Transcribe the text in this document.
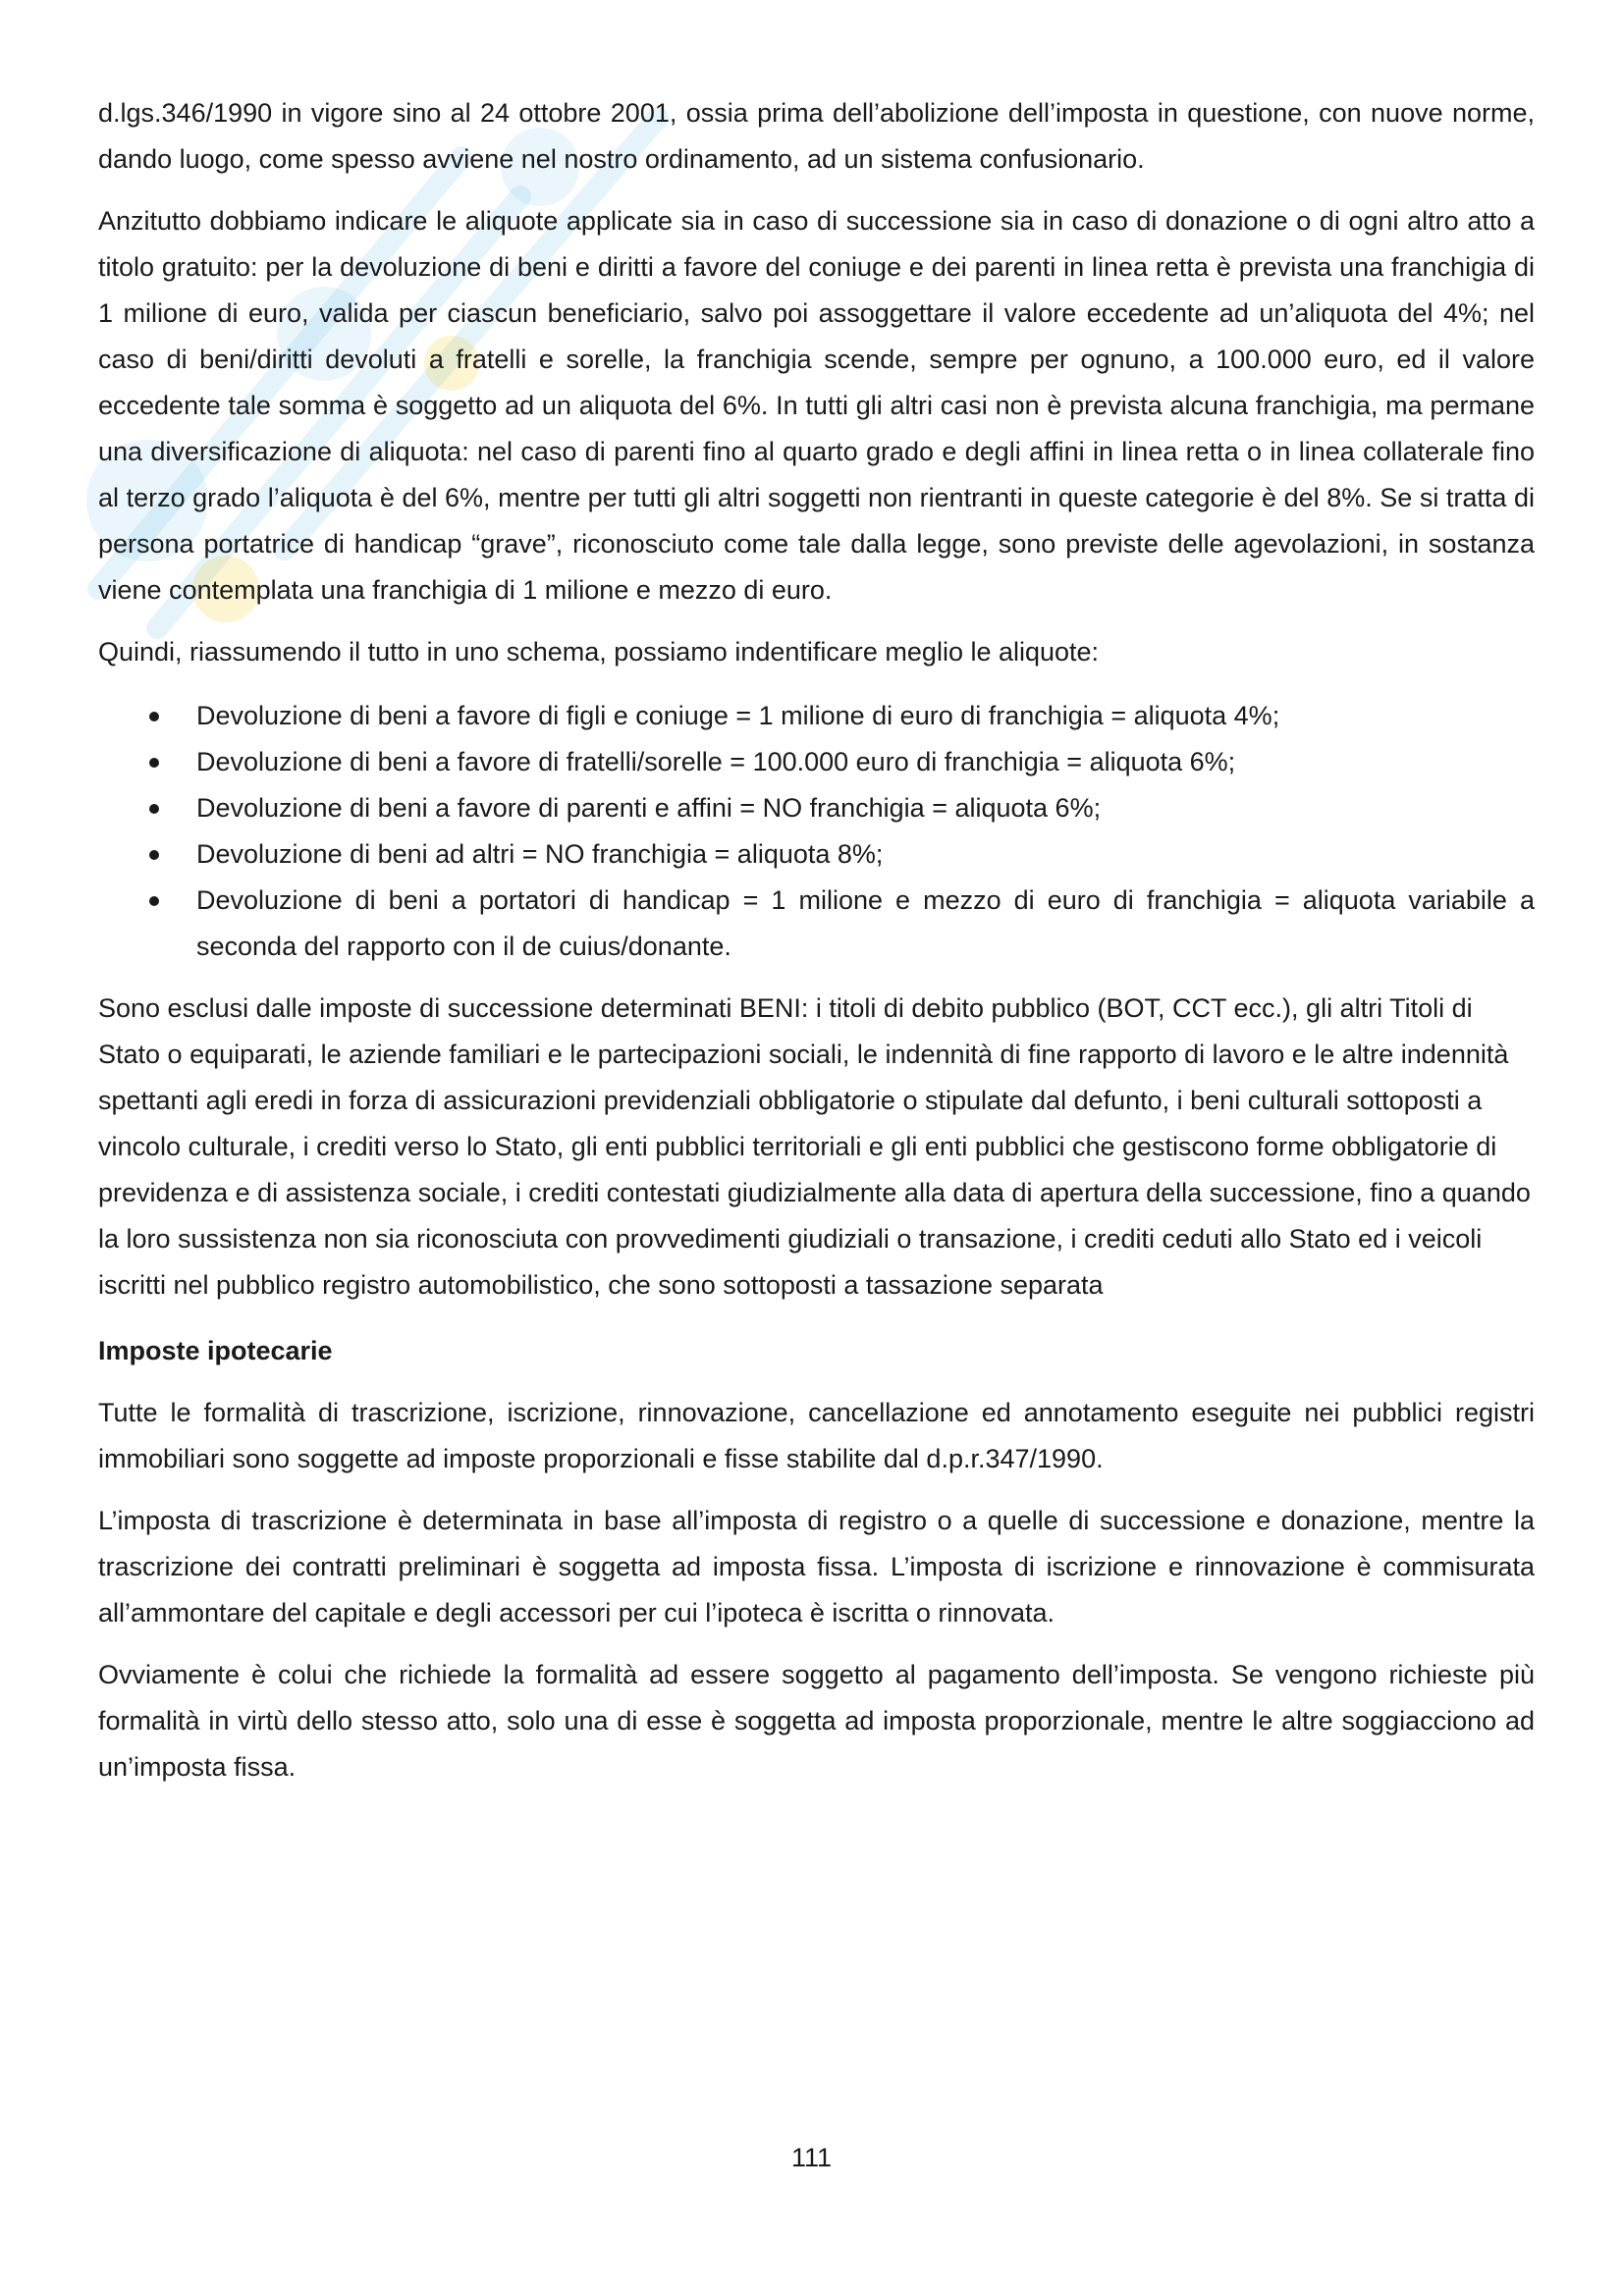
d.lgs.346/1990 in vigore sino al 24 ottobre 2001, ossia prima dell’abolizione dell’imposta in questione, con nuove norme, dando luogo, come spesso avviene nel nostro ordinamento, ad un sistema confusionario.

Anzitutto dobbiamo indicare le aliquote applicate sia in caso di successione sia in caso di donazione o di ogni altro atto a titolo gratuito: per la devoluzione di beni e diritti a favore del coniuge e dei parenti in linea retta è prevista una franchigia di 1 milione di euro, valida per ciascun beneficiario, salvo poi assoggettare il valore eccedente ad un’aliquota del 4%; nel caso di beni/diritti devoluti a fratelli e sorelle, la franchigia scende, sempre per ognuno, a 100.000 euro, ed il valore eccedente tale somma è soggetto ad un aliquota del 6%. In tutti gli altri casi non è prevista alcuna franchigia, ma permane una diversificazione di aliquota: nel caso di parenti fino al quarto grado e degli affini in linea retta o in linea collaterale fino al terzo grado l’aliquota è del 6%, mentre per tutti gli altri soggetti non rientranti in queste categorie è del 8%. Se si tratta di persona portatrice di handicap “grave”, riconosciuto come tale dalla legge, sono previste delle agevolazioni, in sostanza viene contemplata una franchigia di 1 milione e mezzo di euro.

Quindi, riassumendo il tutto in uno schema, possiamo indentificare meglio le aliquote:

Devoluzione di beni a favore di figli e coniuge = 1 milione di euro di franchigia = aliquota 4%;
Devoluzione di beni a favore di fratelli/sorelle = 100.000 euro di franchigia = aliquota 6%;
Devoluzione di beni a favore di parenti e affini = NO franchigia = aliquota 6%;
Devoluzione di beni ad altri = NO franchigia = aliquota 8%;
Devoluzione di beni a portatori di handicap = 1 milione e mezzo di euro di franchigia = aliquota variabile a seconda del rapporto con il de cuius/donante.

Sono esclusi dalle imposte di successione determinati BENI: i titoli di debito pubblico (BOT, CCT ecc.), gli altri Titoli di Stato o equiparati, le aziende familiari e le partecipazioni sociali, le indennità di fine rapporto di lavoro e le altre indennità spettanti agli eredi in forza di assicurazioni previdenziali obbligatorie o stipulate dal defunto, i beni culturali sottoposti a vincolo culturale, i crediti verso lo Stato, gli enti pubblici territoriali e gli enti pubblici che gestiscono forme obbligatorie di previdenza e di assistenza sociale, i crediti contestati giudizialmente alla data di apertura della successione, fino a quando la loro sussistenza non sia riconosciuta con provvedimenti giudiziali o transazione, i crediti ceduti allo Stato ed i veicoli iscritti nel pubblico registro automobilistico, che sono sottoposti a tassazione separata

Imposte ipotecarie

Tutte le formalità di trascrizione, iscrizione, rinnovazione, cancellazione ed annotamento eseguite nei pubblici registri immobiliari sono soggette ad imposte proporzionali e fisse stabilite dal d.p.r.347/1990.

L’imposta di trascrizione è determinata in base all’imposta di registro o a quelle di successione e donazione, mentre la trascrizione dei contratti preliminari è soggetta ad imposta fissa. L’imposta di iscrizione e rinnovazione è commisurata all’ammontare del capitale e degli accessori per cui l’ipoteca è iscritta o rinnovata.

Ovviamente è colui che richiede la formalità ad essere soggetto al pagamento dell’imposta. Se vengono richieste più formalità in virtù dello stesso atto, solo una di esse è soggetta ad imposta proporzionale, mentre le altre soggiacciono ad un’imposta fissa.

111
